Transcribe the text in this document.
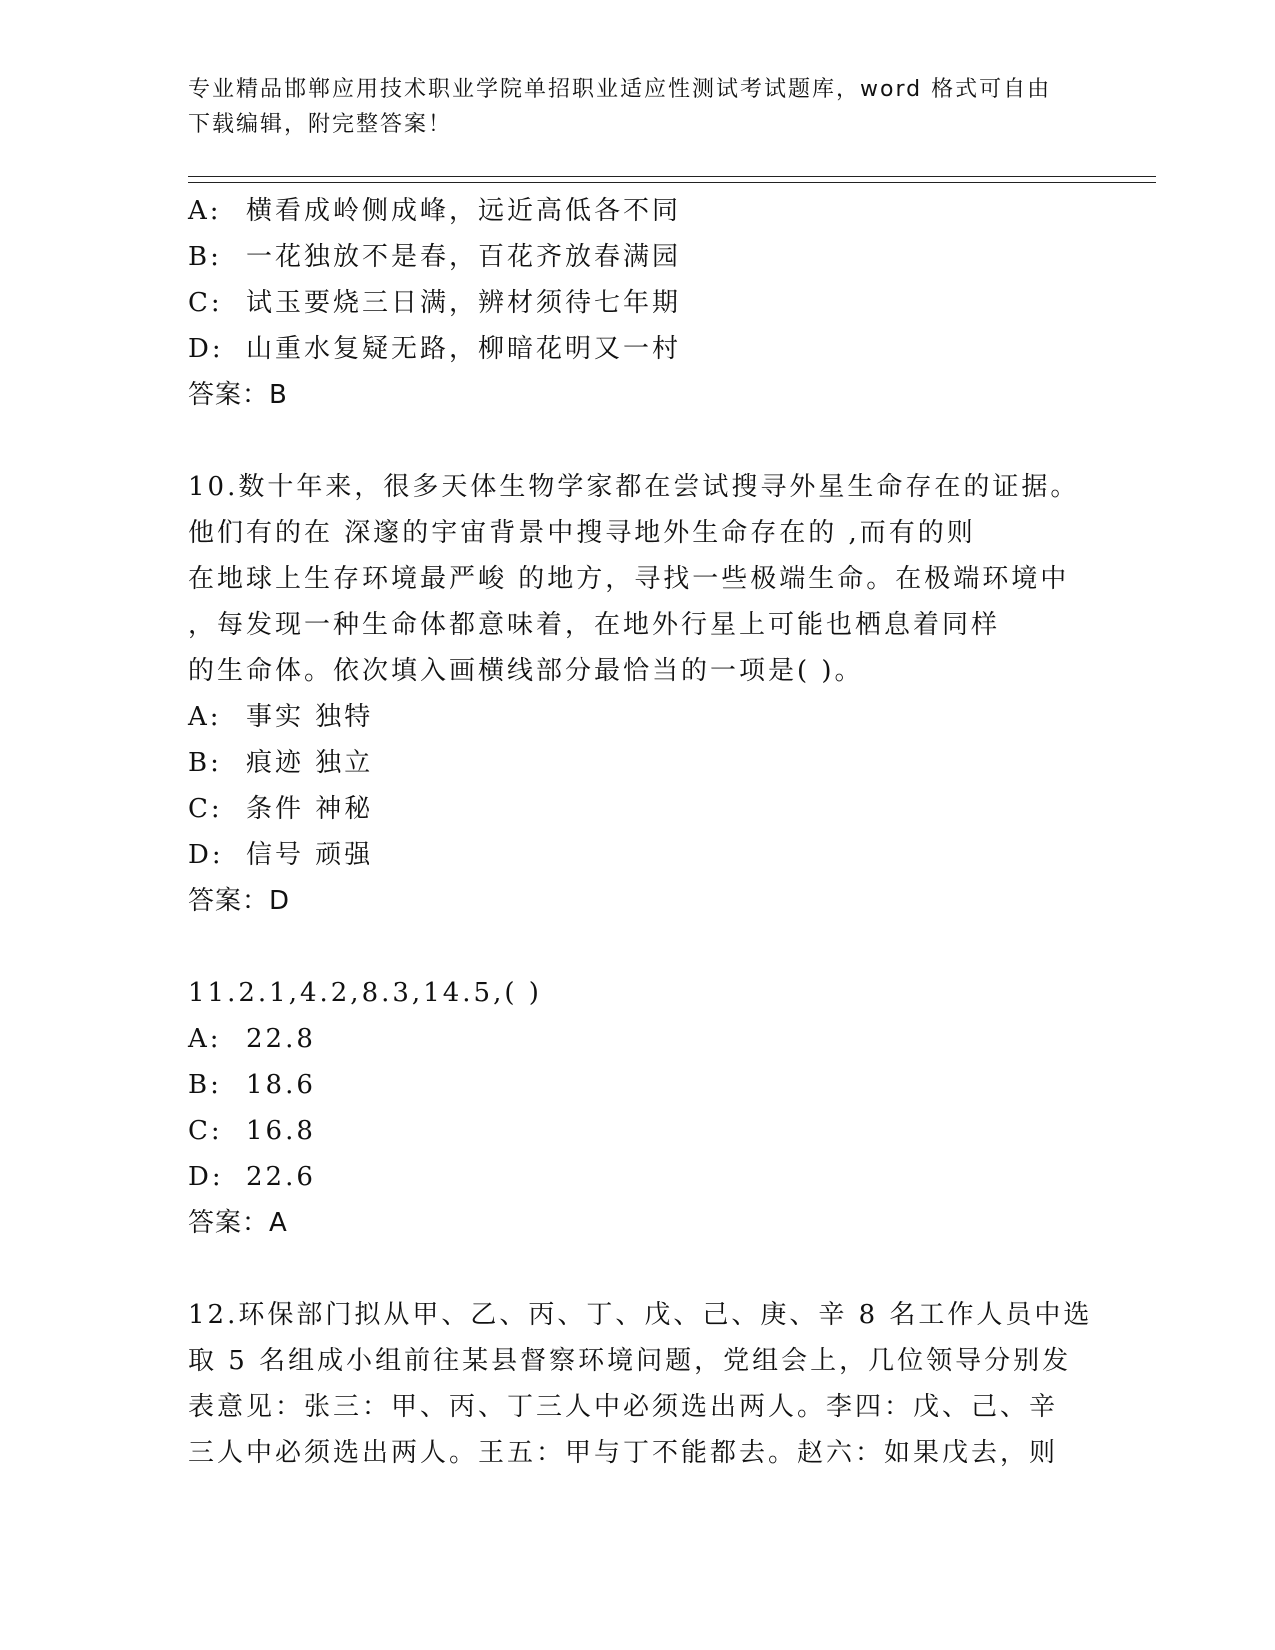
专业精品邯郸应用技术职业学院单招职业适应性测试考试题库，word 格式可自由
下载编辑，附完整答案！
A: 横看成岭侧成峰，远近高低各不同
B: 一花独放不是春，百花齐放春满园
C: 试玉要烧三日满，辨材须待七年期
D: 山重水复疑无路，柳暗花明又一村
答案：B
10.数十年来，很多天体生物学家都在尝试搜寻外星生命存在的证据。
他们有的在 深邃的宇宙背景中搜寻地外生命存在的 ,而有的则
在地球上生存环境最严峻 的地方，寻找一些极端生命。在极端环境中
，每发现一种生命体都意味着，在地外行星上可能也栖息着同样
的生命体。依次填入画横线部分最恰当的一项是( )。
A: 事实 独特
B: 痕迹 独立
C: 条件 神秘
D: 信号 顽强
答案：D
11.2.1,4.2,8.3,14.5,( )
A: 22.8
B: 18.6
C: 16.8
D: 22.6
答案：A
12.环保部门拟从甲、乙、丙、丁、戊、己、庚、辛 8 名工作人员中选
取 5 名组成小组前往某县督察环境问题，党组会上，几位领导分别发
表意见：张三：甲、丙、丁三人中必须选出两人。李四：戊、己、辛
三人中必须选出两人。王五：甲与丁不能都去。赵六：如果戊去，则
